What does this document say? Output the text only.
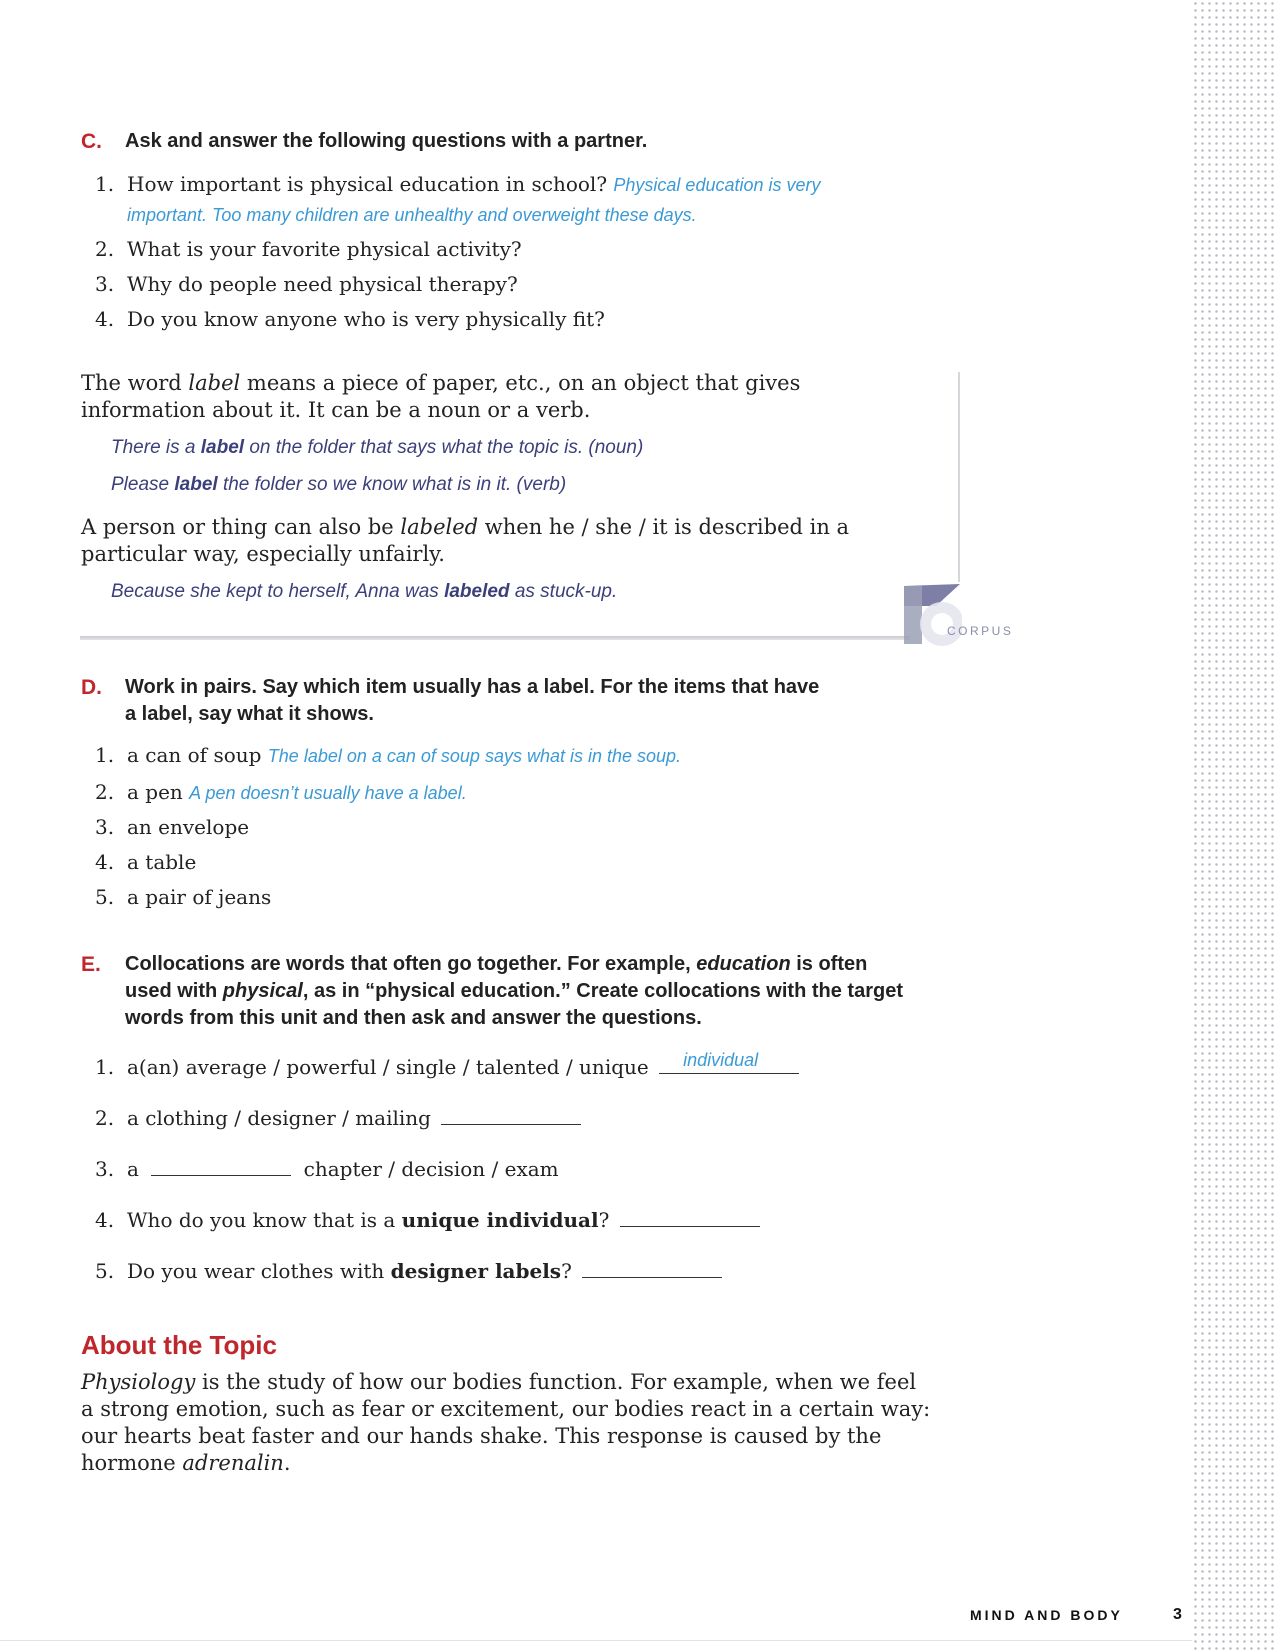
C. Ask and answer the following questions with a partner.
1. How important is physical education in school? Physical education is very
important. Too many children are unhealthy and overweight these days.
2. What is your favorite physical activity?
3. Why do people need physical therapy?
4. Do you know anyone who is very physically fit?
The word label means a piece of paper, etc., on an object that gives
information about it. It can be a noun or a verb.
There is a label on the folder that says what the topic is. (noun)
Please label the folder so we know what is in it. (verb)
A person or thing can also be labeled when he / she / it is described in a
particular way, especially unfairly.
Because she kept to herself, Anna was labeled as stuck-up.
CORPUS
D. Work in pairs. Say which item usually has a label. For the items that have
a label, say what it shows.
1. a can of soup The label on a can of soup says what is in the soup.
2. a pen A pen doesn’t usually have a label.
3. an envelope
4. a table
5. a pair of jeans
E. Collocations are words that often go together. For example, education is often
used with physical, as in “physical education.” Create collocations with the target
words from this unit and then ask and answer the questions.
1. a(an) average / powerful / single / talented / unique individual
2. a clothing / designer / mailing
3. a	chapter / decision / exam
4. Who do you know that is a unique individual?
5. Do you wear clothes with designer labels?
About the Topic
Physiology is the study of how our bodies function. For example, when we feel
a strong emotion, such as fear or excitement, our bodies react in a certain way:
our hearts beat faster and our hands shake. This response is caused by the
hormone adrenalin.
MIND AND BODY	3
